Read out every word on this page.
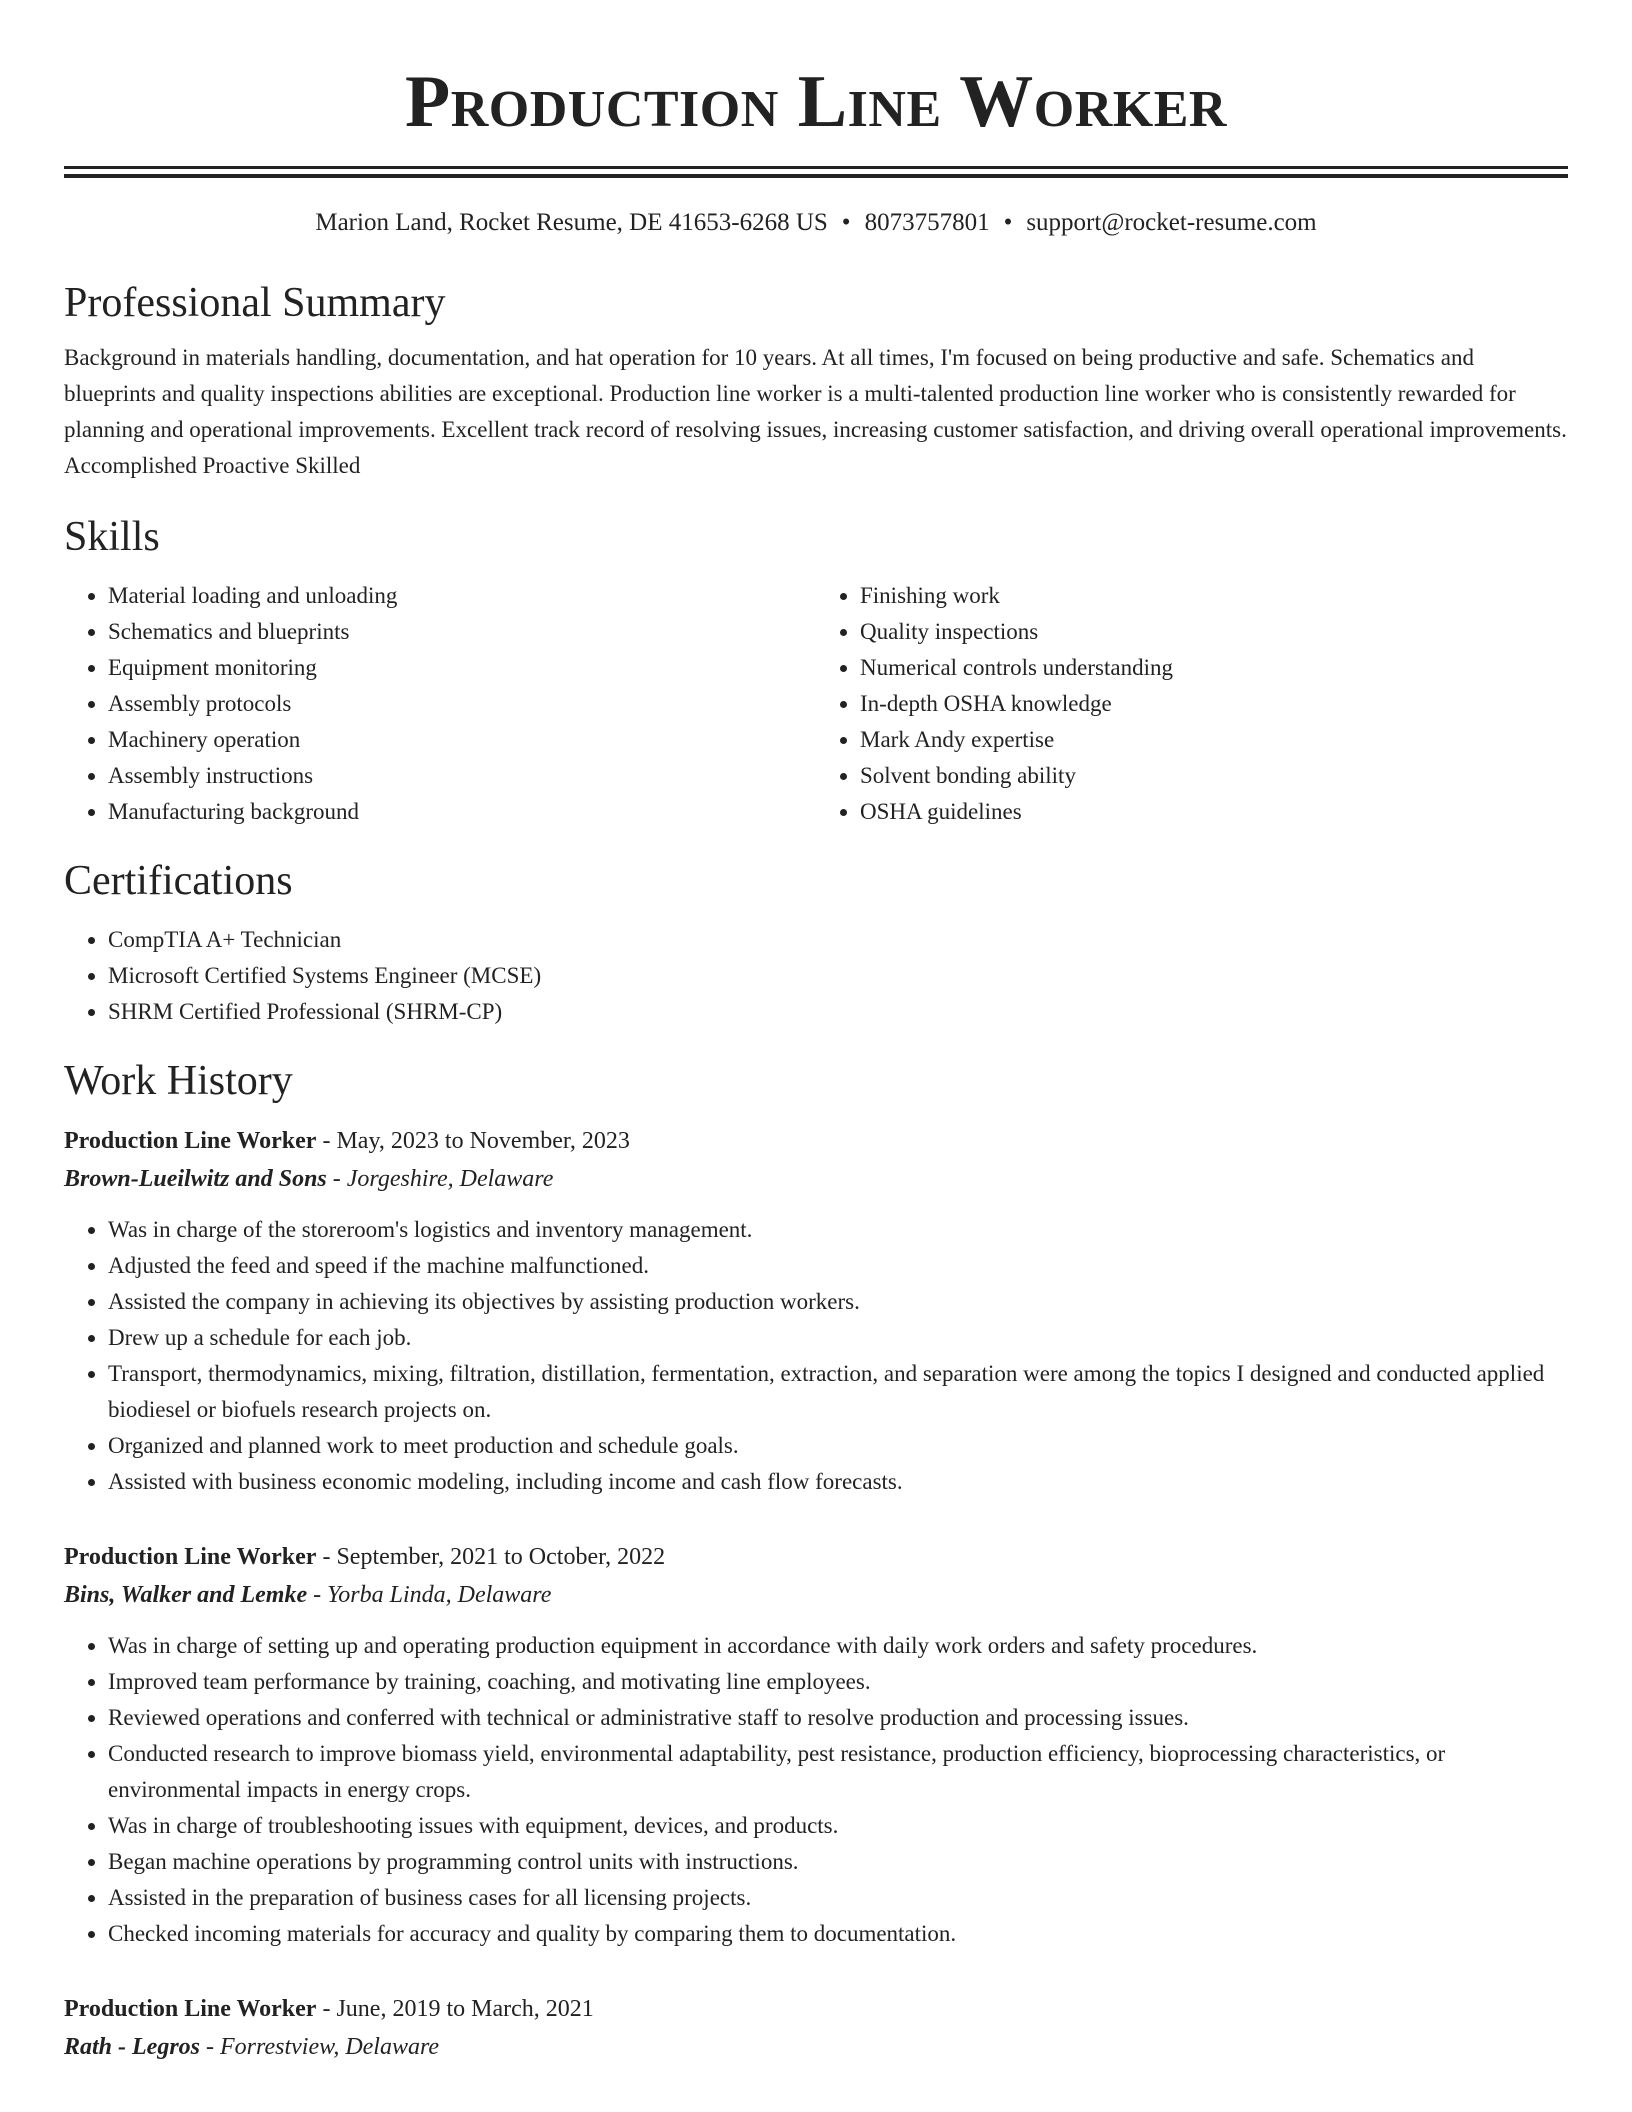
Production Line Worker
Marion Land, Rocket Resume, DE 41653-6268 US • 8073757801 • support@rocket-resume.com
Professional Summary
Background in materials handling, documentation, and hat operation for 10 years. At all times, I'm focused on being productive and safe. Schematics and blueprints and quality inspections abilities are exceptional. Production line worker is a multi-talented production line worker who is consistently rewarded for planning and operational improvements. Excellent track record of resolving issues, increasing customer satisfaction, and driving overall operational improvements. Accomplished Proactive Skilled
Skills
• Material loading and unloading
• Schematics and blueprints
• Equipment monitoring
• Assembly protocols
• Machinery operation
• Assembly instructions
• Manufacturing background
• Finishing work
• Quality inspections
• Numerical controls understanding
• In-depth OSHA knowledge
• Mark Andy expertise
• Solvent bonding ability
• OSHA guidelines
Certifications
• CompTIA A+ Technician
• Microsoft Certified Systems Engineer (MCSE)
• SHRM Certified Professional (SHRM-CP)
Work History
Production Line Worker - May, 2023 to November, 2023
Brown-Lueilwitz and Sons - Jorgeshire, Delaware
• Was in charge of the storeroom's logistics and inventory management.
• Adjusted the feed and speed if the machine malfunctioned.
• Assisted the company in achieving its objectives by assisting production workers.
• Drew up a schedule for each job.
• Transport, thermodynamics, mixing, filtration, distillation, fermentation, extraction, and separation were among the topics I designed and conducted applied biodiesel or biofuels research projects on.
• Organized and planned work to meet production and schedule goals.
• Assisted with business economic modeling, including income and cash flow forecasts.
Production Line Worker - September, 2021 to October, 2022
Bins, Walker and Lemke - Yorba Linda, Delaware
• Was in charge of setting up and operating production equipment in accordance with daily work orders and safety procedures.
• Improved team performance by training, coaching, and motivating line employees.
• Reviewed operations and conferred with technical or administrative staff to resolve production and processing issues.
• Conducted research to improve biomass yield, environmental adaptability, pest resistance, production efficiency, bioprocessing characteristics, or environmental impacts in energy crops.
• Was in charge of troubleshooting issues with equipment, devices, and products.
• Began machine operations by programming control units with instructions.
• Assisted in the preparation of business cases for all licensing projects.
• Checked incoming materials for accuracy and quality by comparing them to documentation.
Production Line Worker - June, 2019 to March, 2021
Rath - Legros - Forrestview, Delaware
